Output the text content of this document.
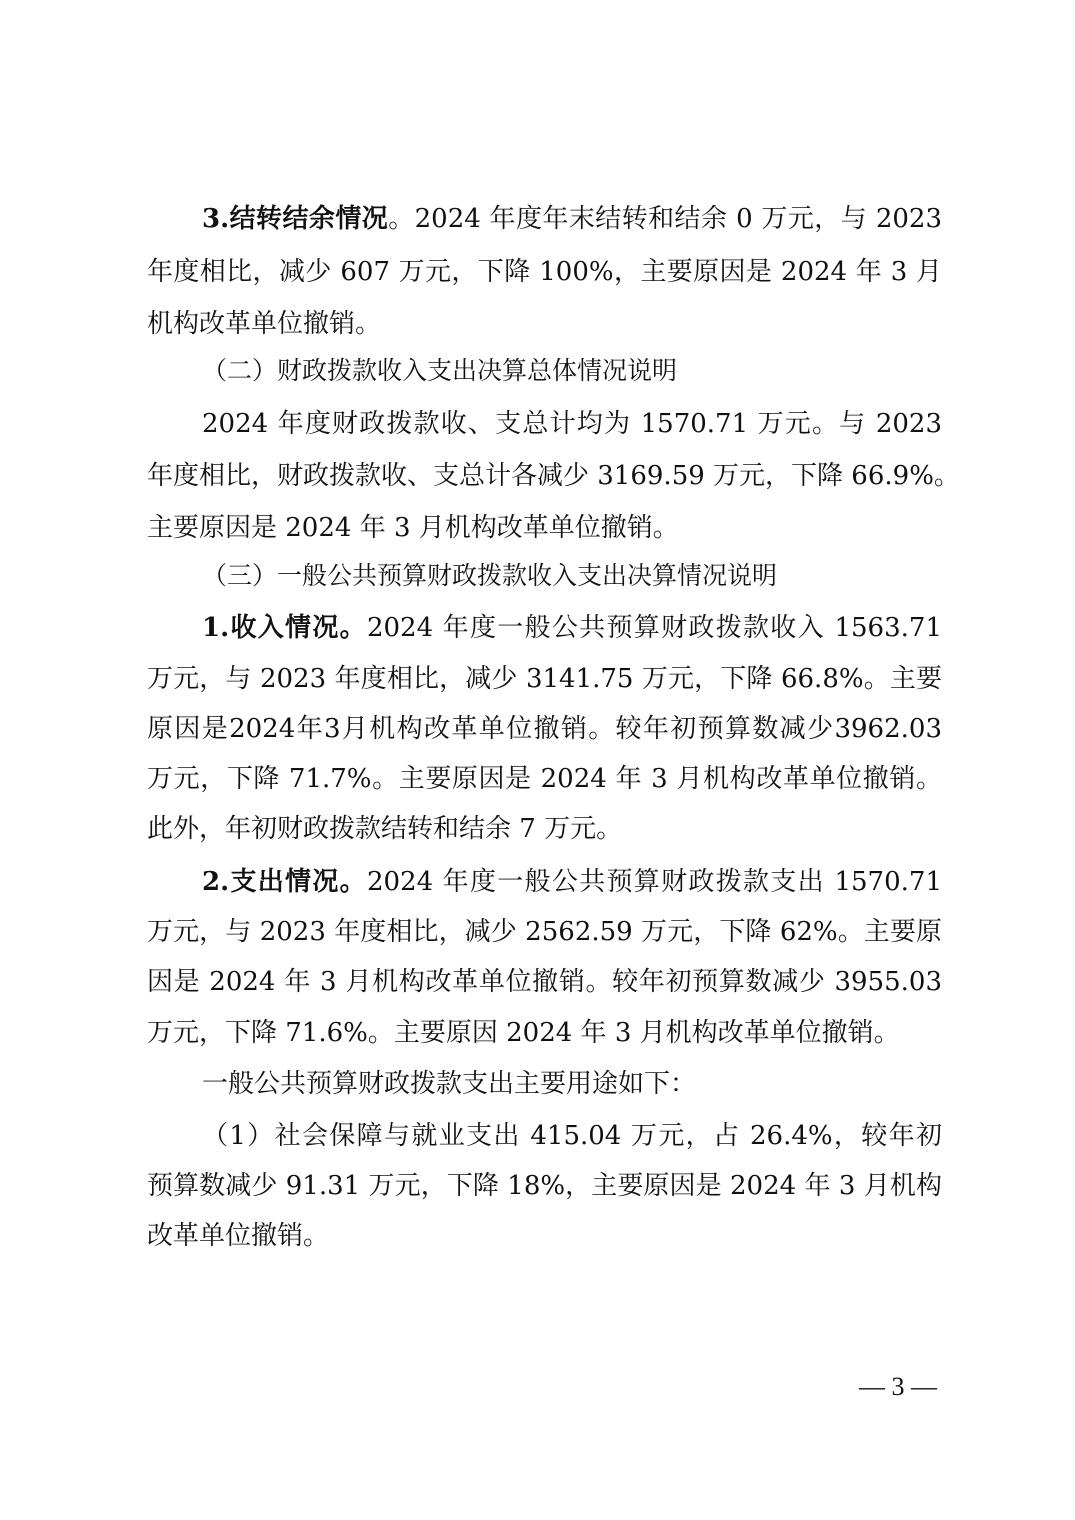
3.结转结余情况。2024 年度年末结转和结余 0 万元，与 2023
年度相比，减少 607 万元，下降 100%，主要原因是 2024 年 3 月
机构改革单位撤销。
（二）财政拨款收入支出决算总体情况说明
2024 年度财政拨款收、支总计均为 1570.71 万元。与 2023
年度相比，财政拨款收、支总计各减少 3169.59 万元，下降 66.9%。
主要原因是 2024 年 3 月机构改革单位撤销。
（三）一般公共预算财政拨款收入支出决算情况说明
1.收入情况。2024 年度一般公共预算财政拨款收入 1563.71
万元，与 2023 年度相比，减少 3141.75 万元，下降 66.8%。主要
原因是2024年3月机构改革单位撤销。较年初预算数减少3962.03
万元，下降 71.7%。主要原因是 2024 年 3 月机构改革单位撤销。
此外，年初财政拨款结转和结余 7 万元。
2.支出情况。2024 年度一般公共预算财政拨款支出 1570.71
万元，与 2023 年度相比，减少 2562.59 万元，下降 62%。主要原
因是 2024 年 3 月机构改革单位撤销。较年初预算数减少 3955.03
万元，下降 71.6%。主要原因 2024 年 3 月机构改革单位撤销。
一般公共预算财政拨款支出主要用途如下：
（1）社会保障与就业支出 415.04 万元，占 26.4%，较年初
预算数减少 91.31 万元，下降 18%，主要原因是 2024 年 3 月机构
改革单位撤销。
— 3 —
